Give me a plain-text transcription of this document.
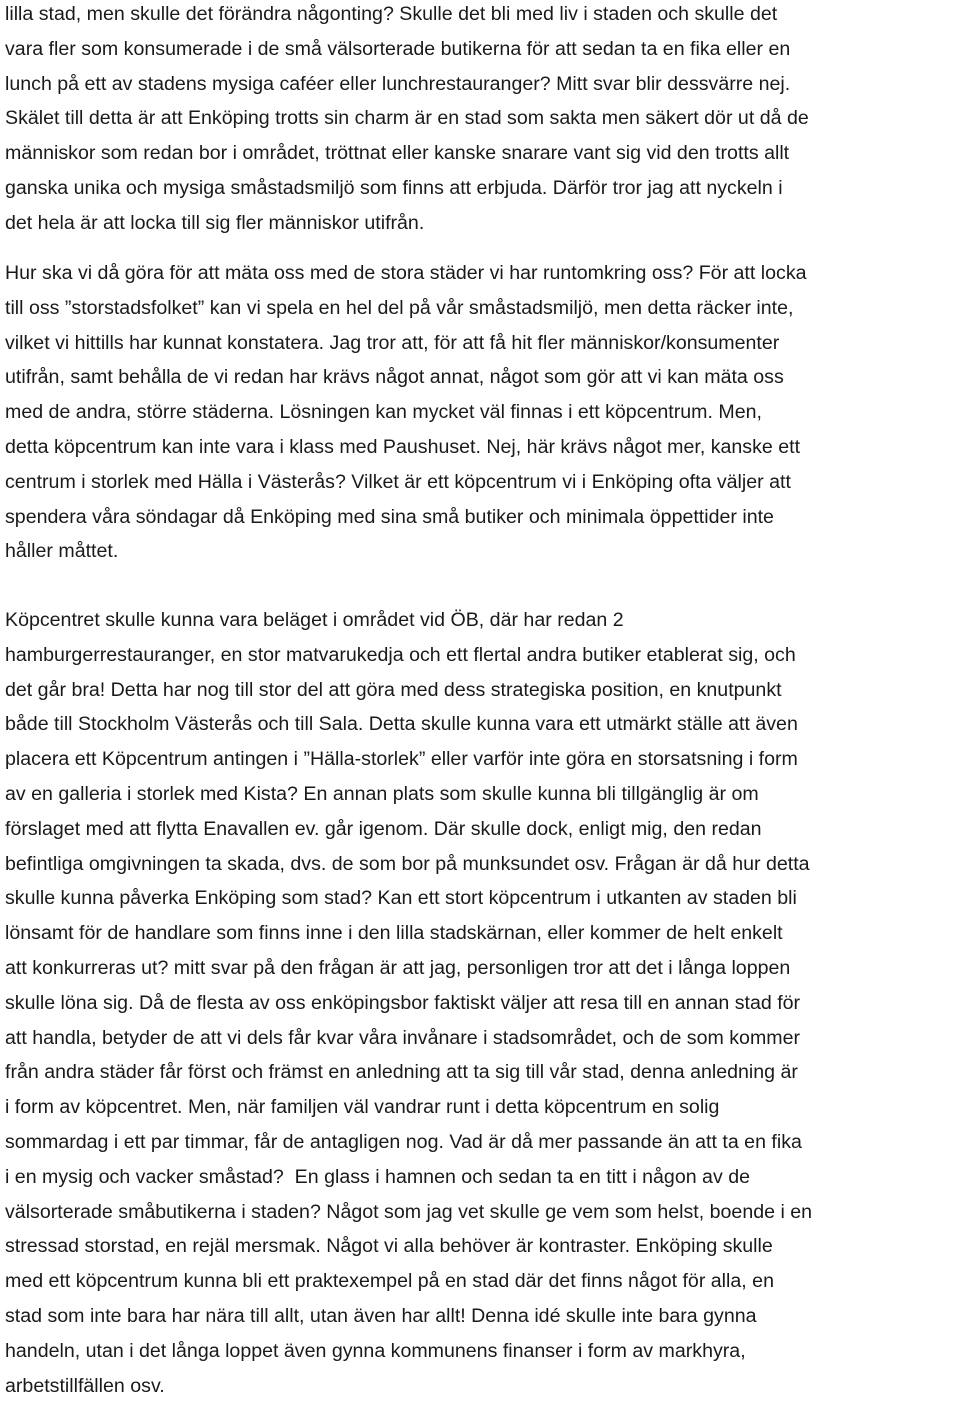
lilla stad, men skulle det förändra någonting? Skulle det bli med liv i staden och skulle det
vara fler som konsumerade i de små välsorterade butikerna för att sedan ta en fika eller en
lunch på ett av stadens mysiga caféer eller lunchrestauranger? Mitt svar blir dessvärre nej.
Skälet till detta är att Enköping trotts sin charm är en stad som sakta men säkert dör ut då de
människor som redan bor i området, tröttnat eller kanske snarare vant sig vid den trotts allt
ganska unika och mysiga småstadsmiljö som finns att erbjuda. Därför tror jag att nyckeln i
det hela är att locka till sig fler människor utifrån.
Hur ska vi då göra för att mäta oss med de stora städer vi har runtomkring oss? För att locka
till oss ”storstadsfolket” kan vi spela en hel del på vår småstadsmiljö, men detta räcker inte,
vilket vi hittills har kunnat konstatera. Jag tror att, för att få hit fler människor/konsumenter
utifrån, samt behålla de vi redan har krävs något annat, något som gör att vi kan mäta oss
med de andra, större städerna. Lösningen kan mycket väl finnas i ett köpcentrum. Men,
detta köpcentrum kan inte vara i klass med Paushuset. Nej, här krävs något mer, kanske ett
centrum i storlek med Hälla i Västerås? Vilket är ett köpcentrum vi i Enköping ofta väljer att
spendera våra söndagar då Enköping med sina små butiker och minimala öppettider inte
håller måttet.
Köpcentret skulle kunna vara beläget i området vid ÖB, där har redan 2
hamburgerrestauranger, en stor matvarukedja och ett flertal andra butiker etablerat sig, och
det går bra! Detta har nog till stor del att göra med dess strategiska position, en knutpunkt
både till Stockholm Västerås och till Sala. Detta skulle kunna vara ett utmärkt ställe att även
placera ett Köpcentrum antingen i ”Hälla-storlek” eller varför inte göra en storsatsning i form
av en galleria i storlek med Kista? En annan plats som skulle kunna bli tillgänglig är om
förslaget med att flytta Enavallen ev. går igenom. Där skulle dock, enligt mig, den redan
befintliga omgivningen ta skada, dvs. de som bor på munksundet osv. Frågan är då hur detta
skulle kunna påverka Enköping som stad? Kan ett stort köpcentrum i utkanten av staden bli
lönsamt för de handlare som finns inne i den lilla stadskärnan, eller kommer de helt enkelt
att konkurreras ut? mitt svar på den frågan är att jag, personligen tror att det i långa loppen
skulle löna sig. Då de flesta av oss enköpingsbor faktiskt väljer att resa till en annan stad för
att handla, betyder de att vi dels får kvar våra invånare i stadsområdet, och de som kommer
från andra städer får först och främst en anledning att ta sig till vår stad, denna anledning är
i form av köpcentret. Men, när familjen väl vandrar runt i detta köpcentrum en solig
sommardag i ett par timmar, får de antagligen nog. Vad är då mer passande än att ta en fika
i en mysig och vacker småstad?  En glass i hamnen och sedan ta en titt i någon av de
välsorterade småbutikerna i staden? Något som jag vet skulle ge vem som helst, boende i en
stressad storstad, en rejäl mersmak. Något vi alla behöver är kontraster. Enköping skulle
med ett köpcentrum kunna bli ett praktexempel på en stad där det finns något för alla, en
stad som inte bara har nära till allt, utan även har allt! Denna idé skulle inte bara gynna
handeln, utan i det långa loppet även gynna kommunens finanser i form av markhyra,
arbetstillfällen osv.
